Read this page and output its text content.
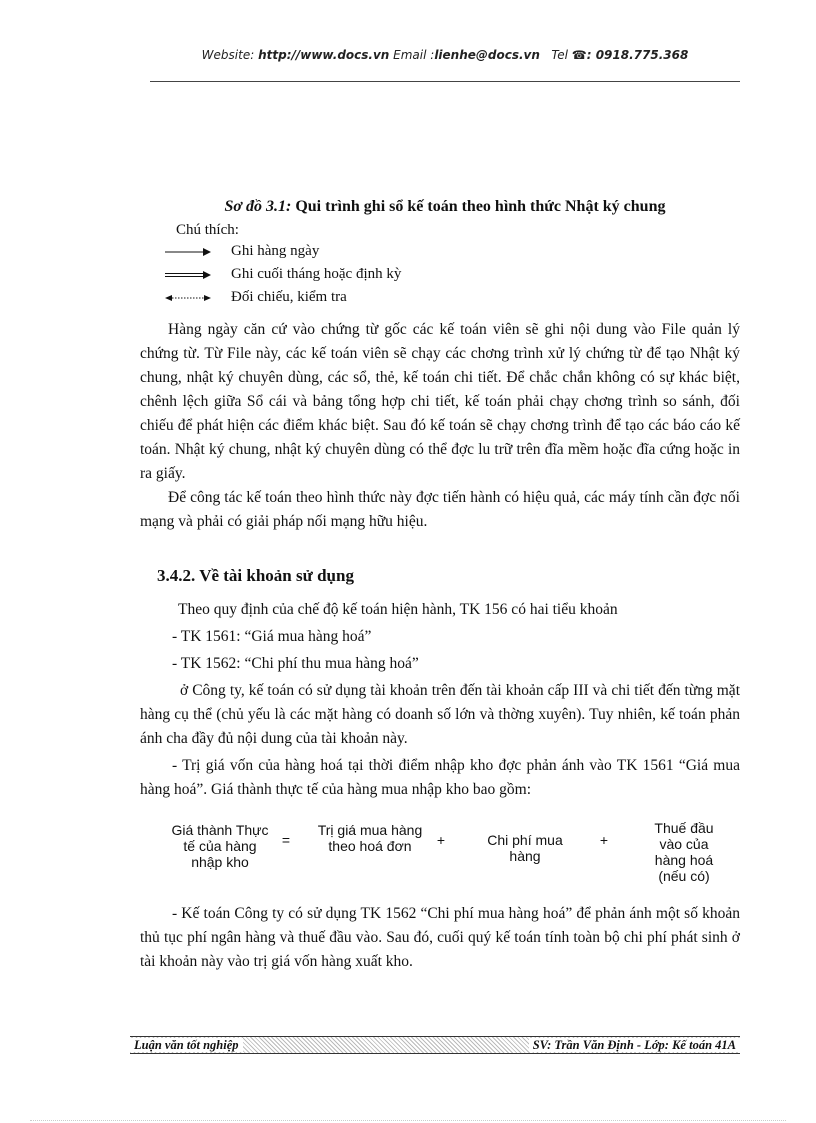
Website: http://www.docs.vn Email :lienhe@docs.vn Tel ☎: 0918.775.368
Sơ đồ 3.1: Qui trình ghi sổ kế toán theo hình thức Nhật ký chung
Chú thích:
Ghi hàng ngày
Ghi cuối tháng hoặc định kỳ
Đối chiếu, kiểm tra

Hàng ngày căn cứ vào chứng từ gốc các kế toán viên sẽ ghi nội dung vào File quản lý chứng từ. Từ File này, các kế toán viên sẽ chạy các chơng trình xử lý chứng từ để tạo Nhật ký chung, nhật ký chuyên dùng, các sổ, thẻ, kế toán chi tiết. Để chắc chắn không có sự khác biệt, chênh lệch giữa Sổ cái và bảng tổng hợp chi tiết, kế toán phải chạy chơng trình so sánh, đối chiếu để phát hiện các điểm khác biệt. Sau đó kế toán sẽ chạy chơng trình để tạo các báo cáo kế toán. Nhật ký chung, nhật ký chuyên dùng có thể đợc lu trữ trên đĩa mềm hoặc đĩa cứng hoặc in ra giấy.

Để công tác kế toán theo hình thức này đợc tiến hành có hiệu quả, các máy tính cần đợc nối mạng và phải có giải pháp nối mạng hữu hiệu.

3.4.2. Về tài khoản sử dụng

Theo quy định của chế độ kế toán hiện hành, TK 156 có hai tiểu khoản

- TK 1561: “Giá mua hàng hoá”

- TK 1562: “Chi phí thu mua hàng hoá”

ở Công ty, kế toán có sử dụng tài khoản trên đến tài khoản cấp III và chi tiết đến từng mặt hàng cụ thể (chủ yếu là các mặt hàng có doanh số lớn và thờng xuyên). Tuy nhiên, kế toán phản ánh cha đầy đủ nội dung của tài khoản này.

- Trị giá vốn của hàng hoá tại thời điểm nhập kho đợc phản ánh vào TK 1561 “Giá mua hàng hoá”. Giá thành thực tế của hàng mua nhập kho bao gồm:

Giá thành Thực tế của hàng nhập kho
=
Trị giá mua hàng theo hoá đơn	+	Chi phí mua hàng
+
Thuế đầu vào của hàng hoá (nếu có)

- Kế toán Công ty có sử dụng TK 1562 “Chi phí mua hàng hoá” để phản ánh một số khoản thủ tục phí ngân hàng và thuế đầu vào. Sau đó, cuối quý kế toán tính toàn bộ chi phí phát sinh ở tài khoản này vào trị giá vốn hàng xuất kho.

Luận văn tốt nghiệp	SV: Trần Văn Định - Lớp: Kế toán 41A
